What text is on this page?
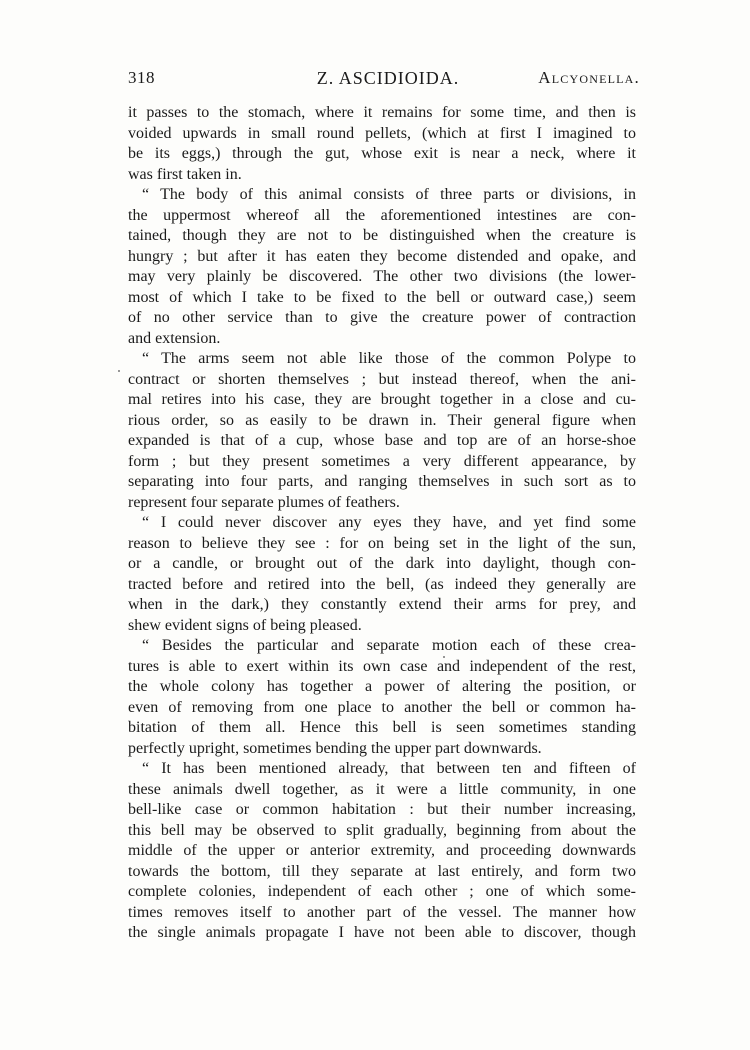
318	Z. ASCIDIOIDA.	Alcyonella.

it passes to the stomach, where it remains for some time, and then is
voided upwards in small round pellets, (which at first I imagined to
be its eggs,) through the gut, whose exit is near a neck, where it
was first taken in.

“ The body of this animal consists of three parts or divisions, in
the uppermost whereof all the aforementioned intestines are con-
tained, though they are not to be distinguished when the creature is
hungry ; but after it has eaten they become distended and opake, and
may very plainly be discovered. The other two divisions (the lower-
most of which I take to be fixed to the bell or outward case,) seem
of no other service than to give the creature power of contraction
and extension.

“ The arms seem not able like those of the common Polype to
contract or shorten themselves ; but instead thereof, when the ani-
mal retires into his case, they are brought together in a close and cu-
rious order, so as easily to be drawn in. Their general figure when
expanded is that of a cup, whose base and top are of an horse-shoe
form ; but they present sometimes a very different appearance, by
separating into four parts, and ranging themselves in such sort as to
represent four separate plumes of feathers.

“ I could never discover any eyes they have, and yet find some
reason to believe they see : for on being set in the light of the sun,
or a candle, or brought out of the dark into daylight, though con-
tracted before and retired into the bell, (as indeed they generally are
when in the dark,) they constantly extend their arms for prey, and
shew evident signs of being pleased.

“ Besides the particular and separate motion each of these crea-
tures is able to exert within its own case and independent of the rest,
the whole colony has together a power of altering the position, or
even of removing from one place to another the bell or common ha-
bitation of them all. Hence this bell is seen sometimes standing
perfectly upright, sometimes bending the upper part downwards.

“ It has been mentioned already, that between ten and fifteen of
these animals dwell together, as it were a little community, in one
bell-like case or common habitation : but their number increasing,
this bell may be observed to split gradually, beginning from about the
middle of the upper or anterior extremity, and proceeding downwards
towards the bottom, till they separate at last entirely, and form two
complete colonies, independent of each other ; one of which some-
times removes itself to another part of the vessel. The manner how
the single animals propagate I have not been able to discover, though
